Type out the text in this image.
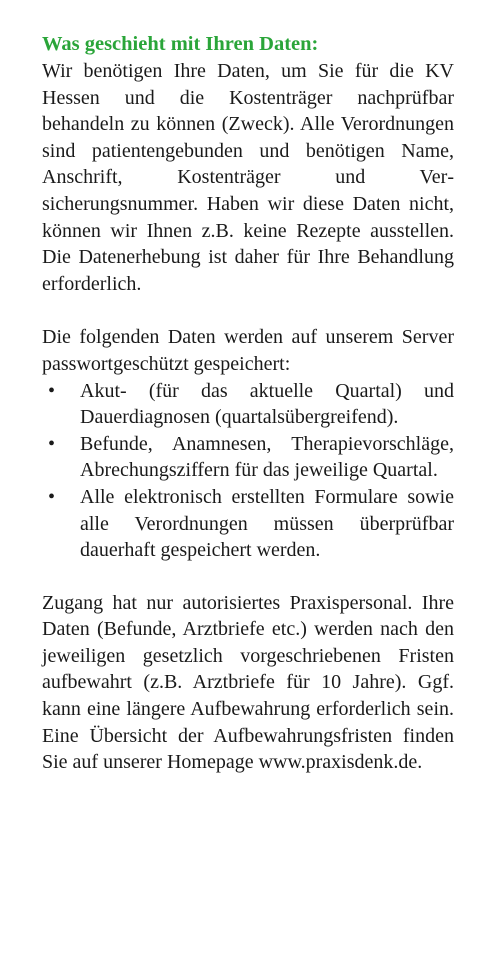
Was geschieht mit Ihren Daten:

Wir benötigen Ihre Daten, um Sie für die KV Hessen und die Kostenträger nachprüfbar behandeln zu können (Zweck). Alle Verordnungen sind patientengebunden und benötigen Name, Anschrift, Kostenträger und Versicherungsnummer. Haben wir diese Daten nicht, können wir Ihnen z.B. keine Rezepte ausstellen. Die Datenerhebung ist daher für Ihre Behandlung erforderlich.

Die folgenden Daten werden auf unserem Server passwortgeschützt gespeichert:

• Akut- (für das aktuelle Quartal) und Dauerdiagnosen (quartalsübergreifend).
• Befunde, Anamnesen, Therapievorschläge, Abrechungsziffern für das jeweilige Quartal.
• Alle elektronisch erstellten Formulare sowie alle Verordnungen müssen überprüfbar dauerhaft gespeichert werden.

Zugang hat nur autorisiertes Praxispersonal. Ihre Daten (Befunde, Arztbriefe etc.) werden nach den jeweiligen gesetzlich vorgeschriebenen Fristen aufbewahrt (z.B. Arztbriefe für 10 Jahre). Ggf. kann eine längere Aufbewahrung erforderlich sein. Eine Übersicht der Aufbewahrungsfristen finden Sie auf unserer Homepage www.praxisdenk.de.
